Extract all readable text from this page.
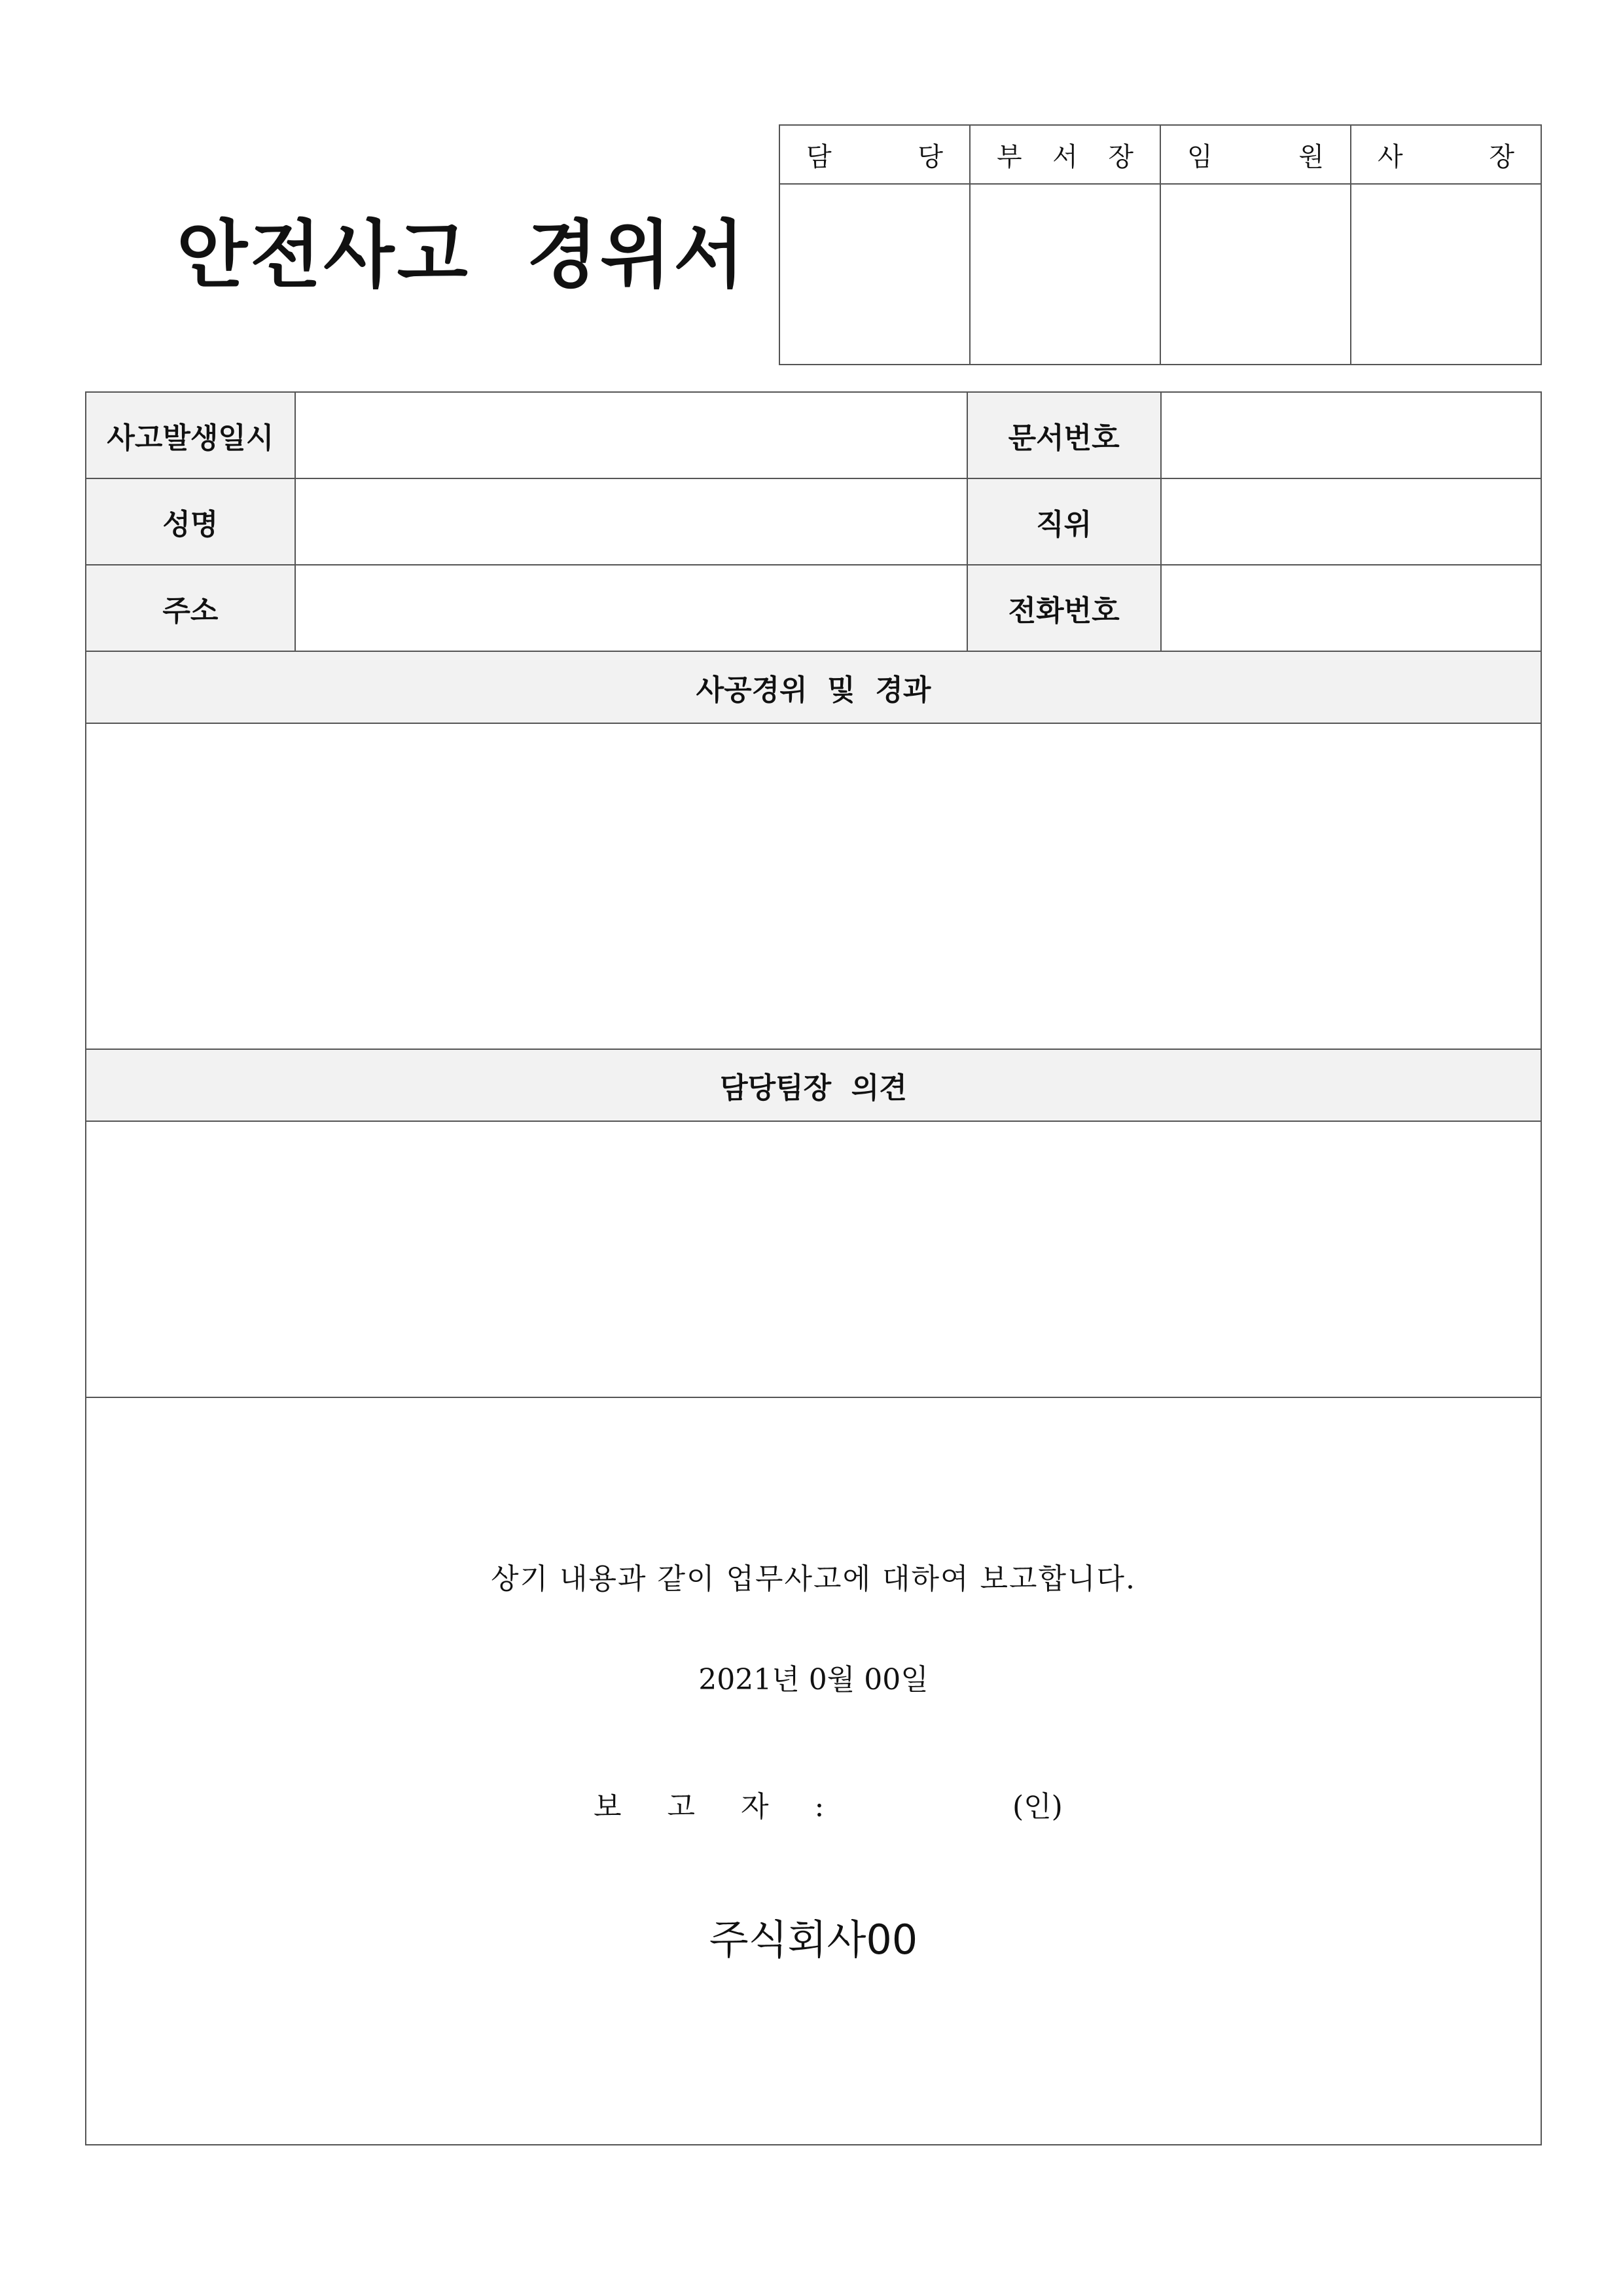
안전사고  경위서
담 당	부 서 장	임 원	사 장

사고발생일시		문서번호	
성명		직위	
주소		전화번호	
사공경위  및  경과			

담당팀장  의견			

상기 내용과 같이 업무사고에 대하여 보고합니다.
2021년 0월 00일
보 고 자 : (인)
주식회사00			
